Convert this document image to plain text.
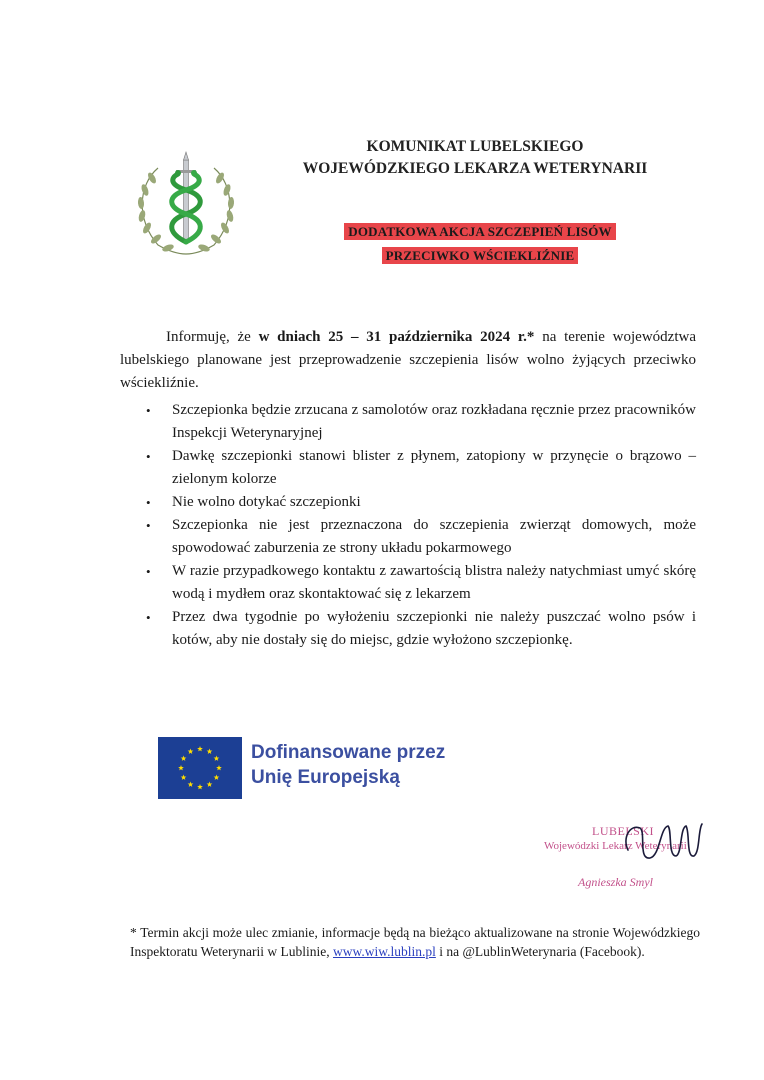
KOMUNIKAT LUBELSKIEGO
WOJEWÓDZKIEGO LEKARZA WETERYNARII
DODATKOWA AKCJA SZCZEPIEŃ LISÓW
PRZECIWKO WŚCIEKLIŹNIE

Informuję, że w dniach 25 – 31 października 2024 r.* na terenie województwa lubelskiego planowane jest przeprowadzenie szczepienia lisów wolno żyjących przeciwko wściekliźnie.

• Szczepionka będzie zrzucana z samolotów oraz rozkładana ręcznie przez pracowników Inspekcji Weterynaryjnej
• Dawkę szczepionki stanowi blister z płynem, zatopiony w przynęcie o brązowo – zielonym kolorze
• Nie wolno dotykać szczepionki
• Szczepionka nie jest przeznaczona do szczepienia zwierząt domowych, może spowodować zaburzenia ze strony układu pokarmowego
• W razie przypadkowego kontaktu z zawartością blistra należy natychmiast umyć skórę wodą i mydłem oraz skontaktować się z lekarzem
• Przez dwa tygodnie po wyłożeniu szczepionki nie należy puszczać wolno psów i kotów, aby nie dostały się do miejsc, gdzie wyłożono szczepionkę.
Dofinansowane przez
Unię Europejską
LUBELSKI
Wojewódzki Lekarz Weterynarii
Agnieszka Smyl
* Termin akcji może ulec zmianie, informacje będą na bieżąco aktualizowane na stronie Wojewódzkiego Inspektoratu Weterynarii w Lublinie, www.wiw.lublin.pl i na @LublinWeterynaria (Facebook).
